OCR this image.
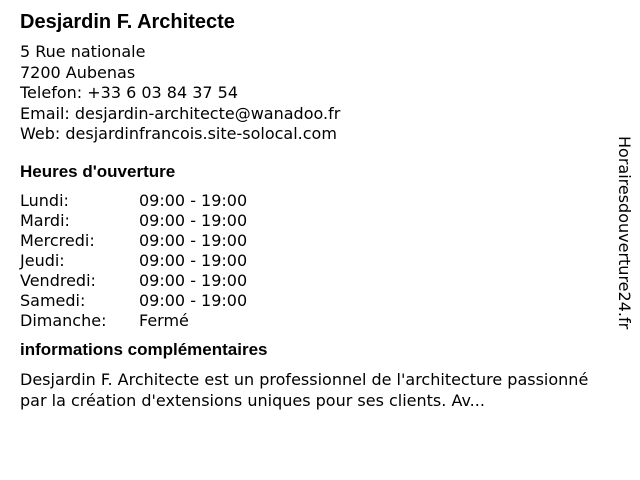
Desjardin F. Architecte
5 Rue nationale
7200 Aubenas
Telefon: +33 6 03 84 37 54
Email: desjardin-architecte@wanadoo.fr
Web: desjardinfrancois.site-solocal.com
Heures d'ouverture
Lundi:	09:00 - 19:00
Mardi:	09:00 - 19:00
Mercredi:	09:00 - 19:00
Jeudi:	09:00 - 19:00
Vendredi:	09:00 - 19:00
Samedi:	09:00 - 19:00
Dimanche:	Fermé
informations complémentaires
Desjardin F. Architecte est un professionnel de l'architecture passionné par la création d'extensions uniques pour ses clients. Av...
Horairesdouverture24.fr
